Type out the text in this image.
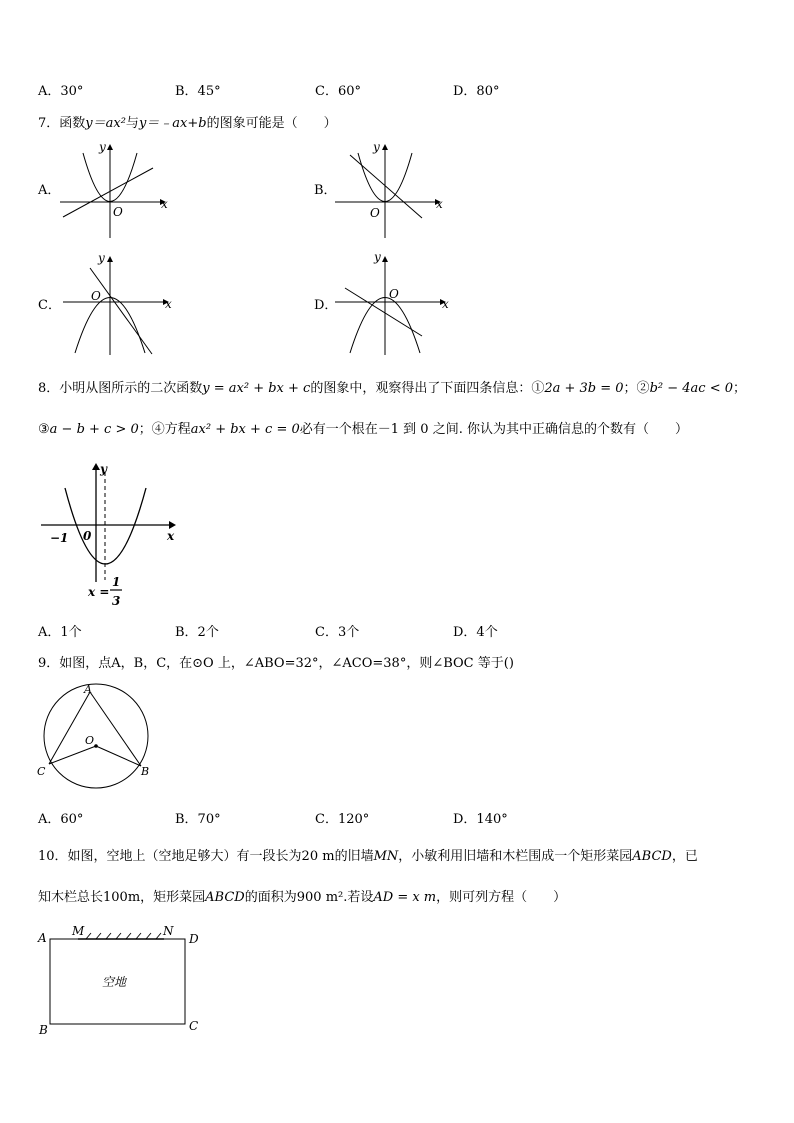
A．30°	B．45°	C．60°	D．80°
7．函数y＝ax²与y＝﹣ax+b的图象可能是（　　）
A．
x
y
O
B．
x
y
O
C．	x
y
O
D．	x
y
O
8．小明从图所示的二次函数y = ax² + bx + c的图象中，观察得出了下面四条信息：①2a + 3b = 0；②b² − 4ac < 0；
③a − b + c > 0；④方程ax² + bx + c = 0必有一个根在－1 到 0 之间. 你认为其中正确信息的个数有（　　）
y
x
−1 0
x =
1
3
A．1个	B．2个	C．3个	D．4个
9．如图，点A，B，C，在⊙O 上，∠ABO=32°，∠ACO=38°，则∠BOC 等于()
A
O
C	B
A．60°	B．70°	C．120°	D．140°
10．如图，空地上（空地足够大）有一段长为20 m的旧墙MN，小敏利用旧墙和木栏围成一个矩形菜园ABCD，已
知木栏总长100m，矩形菜园ABCD的面积为900 m².若设AD = x m，则可列方程（　　）
A M	N
D
B	C
空地
